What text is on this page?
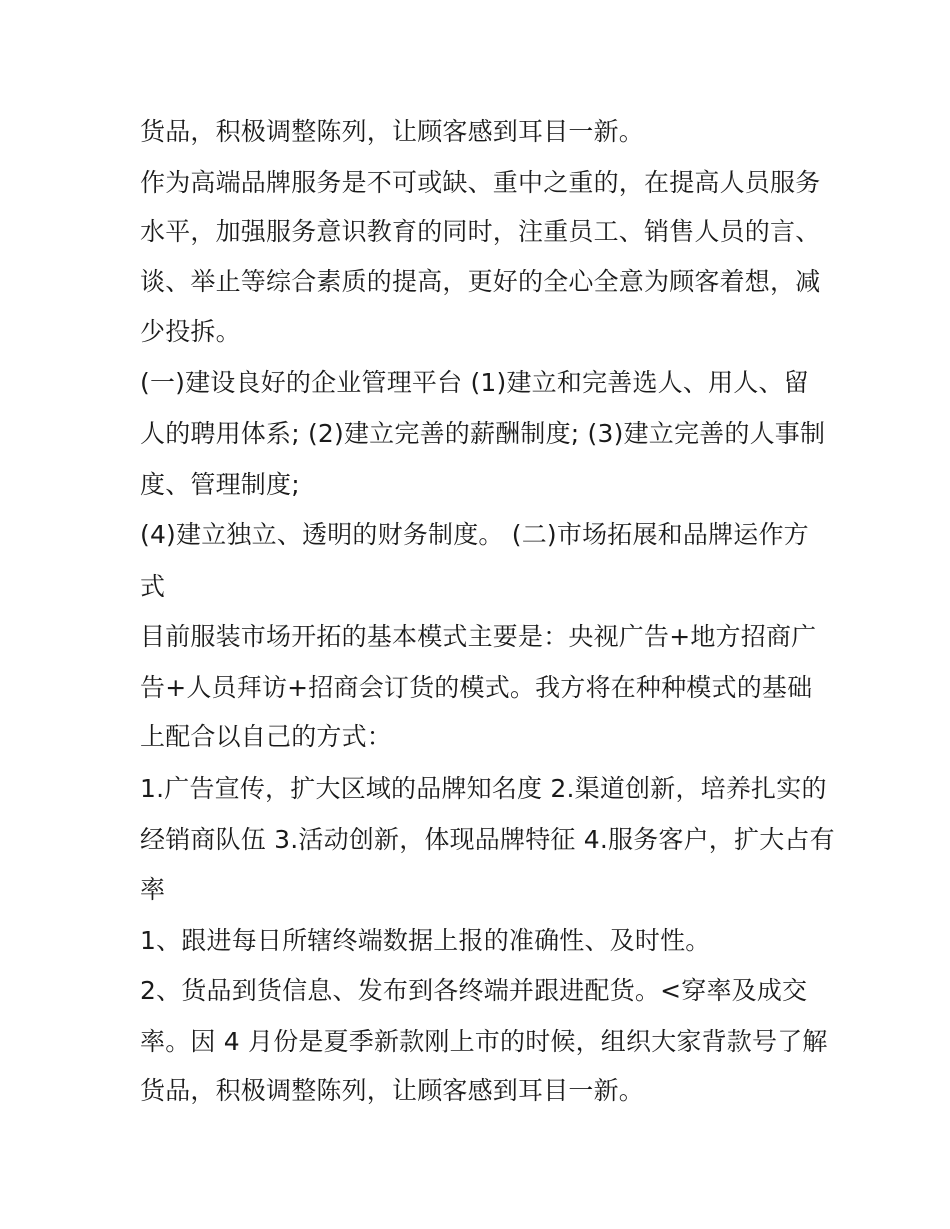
货品，积极调整陈列，让顾客感到耳目一新。

作为高端品牌服务是不可或缺、重中之重的，在提高人员服务

水平，加强服务意识教育的同时，注重员工、销售人员的言、

谈、举止等综合素质的提高，更好的全心全意为顾客着想，减

少投拆。

(一)建设良好的企业管理平台 (1)建立和完善选人、用人、留

人的聘用体系; (2)建立完善的薪酬制度; (3)建立完善的人事制

度、管理制度;

(4)建立独立、透明的财务制度。 (二)市场拓展和品牌运作方

式

目前服装市场开拓的基本模式主要是：央视广告+地方招商广

告+人员拜访+招商会订货的模式。我方将在种种模式的基础

上配合以自己的方式：

1.广告宣传，扩大区域的品牌知名度 2.渠道创新，培养扎实的

经销商队伍 3.活动创新，体现品牌特征 4.服务客户，扩大占有

率

1、跟进每日所辖终端数据上报的准确性、及时性。

2、货品到货信息、发布到各终端并跟进配货。<穿率及成交

率。因 4 月份是夏季新款刚上市的时候，组织大家背款号了解

货品，积极调整陈列，让顾客感到耳目一新。
